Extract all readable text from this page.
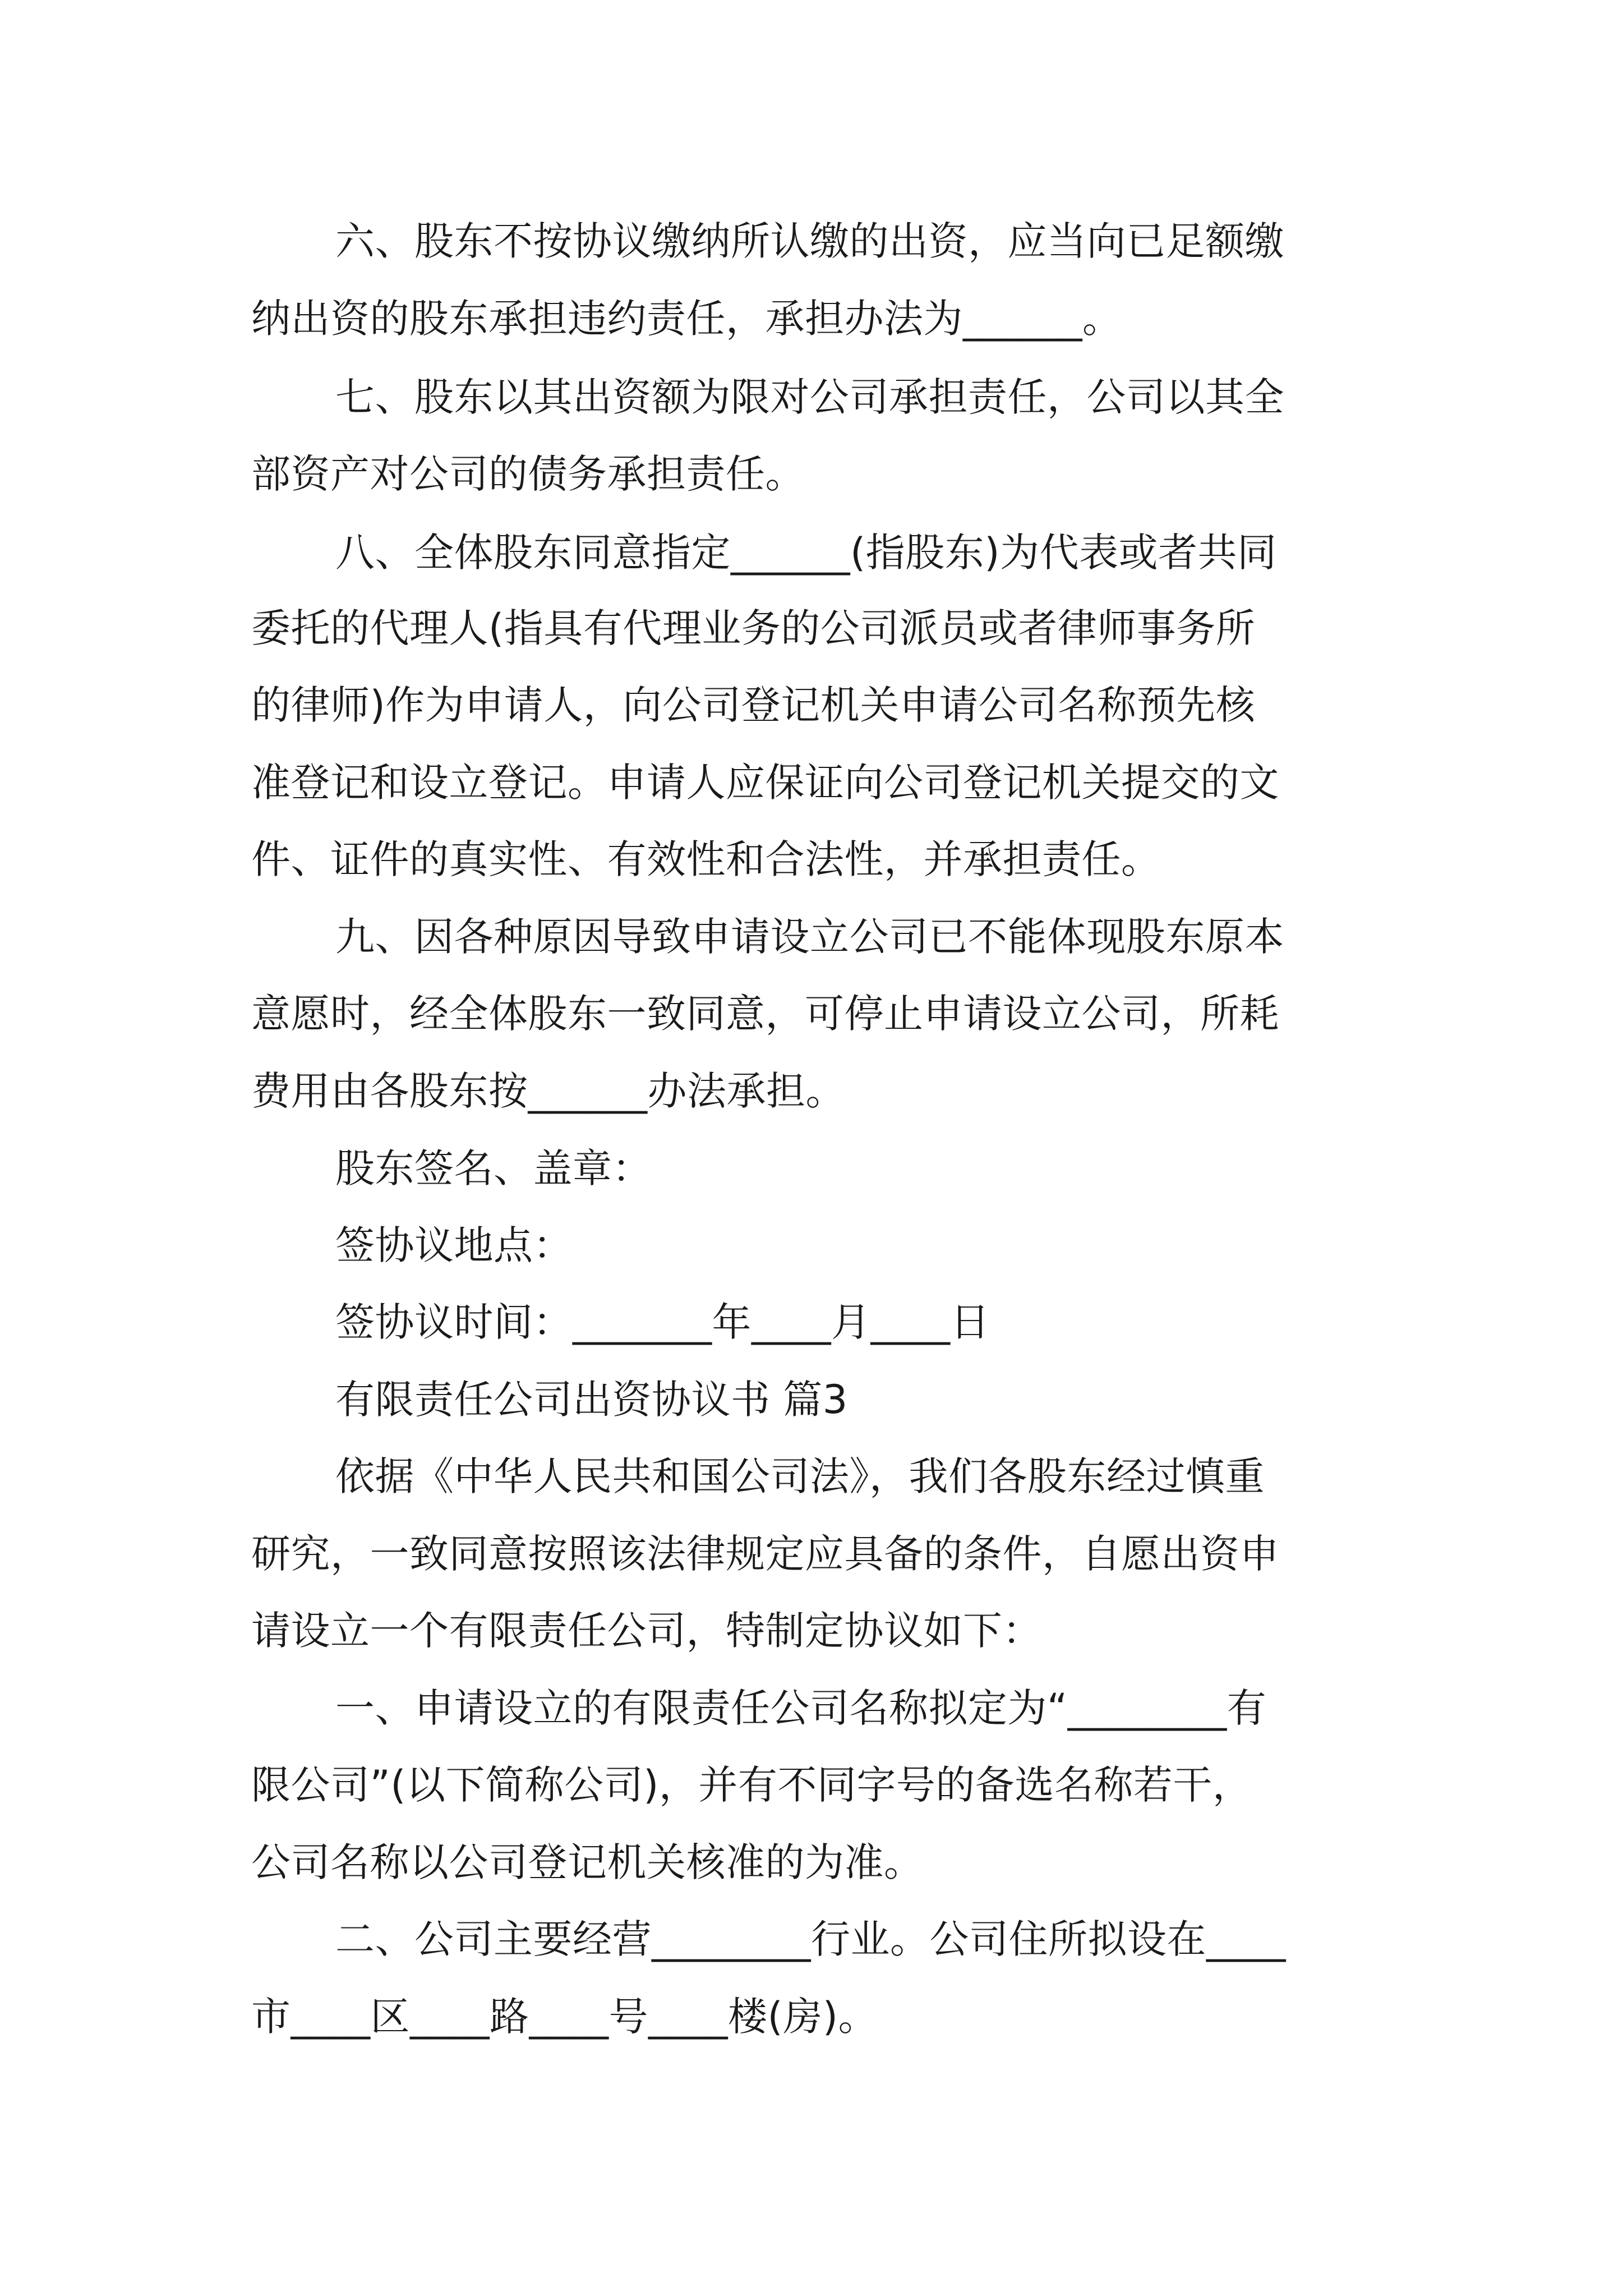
六、股东不按协议缴纳所认缴的出资，应当向已足额缴
纳出资的股东承担违约责任，承担办法为______。
七、股东以其出资额为限对公司承担责任，公司以其全
部资产对公司的债务承担责任。
八、全体股东同意指定______(指股东)为代表或者共同
委托的代理人(指具有代理业务的公司派员或者律师事务所
的律师)作为申请人，向公司登记机关申请公司名称预先核
准登记和设立登记。申请人应保证向公司登记机关提交的文
件、证件的真实性、有效性和合法性，并承担责任。
九、因各种原因导致申请设立公司已不能体现股东原本
意愿时，经全体股东一致同意，可停止申请设立公司，所耗
费用由各股东按______办法承担。
股东签名、盖章：
签协议地点：
签协议时间：_______年____月____日
有限责任公司出资协议书 篇3
依据《中华人民共和国公司法》，我们各股东经过慎重
研究，一致同意按照该法律规定应具备的条件，自愿出资申
请设立一个有限责任公司，特制定协议如下：
一、申请设立的有限责任公司名称拟定为“________有
限公司”(以下简称公司)，并有不同字号的备选名称若干，
公司名称以公司登记机关核准的为准。
二、公司主要经营________行业。公司住所拟设在____
市____区____路____号____楼(房)。
